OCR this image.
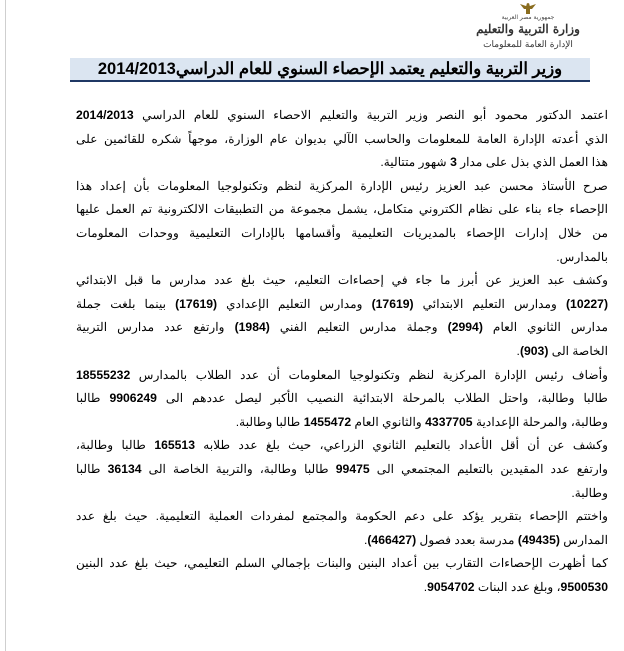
جمهورية مصر العربية
وزارة التربية والتعليم
الإدارة العامة للمعلومات
وزير التربية والتعليم يعتمد الإحصاء السنوي للعام الدراسي2014/2013

اعتمد الدكتور محمود أبو النصر وزير التربية والتعليم الاحصاء السنوي للعام الدراسي 2014/2013
الذي أعدته الإدارة العامة للمعلومات والحاسب الآلي بديوان عام الوزارة، موجهاً شكره للقائمين على
هذا العمل الذي بذل على مدار 3 شهور متتالية.

صرح الأستاذ محسن عبد العزيز رئيس الإدارة المركزية لنظم وتكنولوجيا المعلومات بأن إعداد هذا
الإحصاء جاء بناء على نظام الكتروني متكامل، يشمل مجموعة من التطبيقات الالكترونية تم العمل عليها
من خلال إدارات الإحصاء بالمديريات التعليمية وأقسامها بالإدارات التعليمية ووحدات المعلومات
بالمدارس.

وكشف عبد العزيز عن أبرز ما جاء في إحصاءات التعليم، حيث بلغ عدد مدارس ما قبل الابتدائي
(10227) ومدارس التعليم الابتدائي (17619) ومدارس التعليم الإعدادي (17619) بينما بلغت جملة
مدارس الثانوي العام (2994) وجملة مدارس التعليم الفني (1984) وارتفع عدد مدارس التربية
الخاصة الى (903).

وأضاف رئيس الإدارة المركزية لنظم وتكنولوجيا المعلومات أن عدد الطلاب بالمدارس 18555232
طالبا وطالبة، واحتل الطلاب بالمرحلة الابتدائية النصيب الأكبر ليصل عددهم الى 9906249 طالبا
وطالبة، والمرحلة الإعدادية 4337705 والثانوي العام 1455472 طالبا وطالبة.

وكشف عن أن أقل الأعداد بالتعليم الثانوي الزراعي، حيث بلغ عدد طلابه 165513 طالبا وطالبة،
وارتفع عدد المقيدين بالتعليم المجتمعي الى 99475 طالبا وطالبة، والتربية الخاصة الى 36134 طالبا
وطالبة.

واختتم الإحصاء بتقرير يؤكد على دعم الحكومة والمجتمع لمفردات العملية التعليمية. حيث بلغ عدد
المدارس (49435) مدرسة بعدد فصول (466427).

كما أظهرت الإحصاءات التقارب بين أعداد البنين والبنات بإجمالي السلم التعليمي، حيث بلغ عدد البنين
9500530، وبلغ عدد البنات 9054702.
